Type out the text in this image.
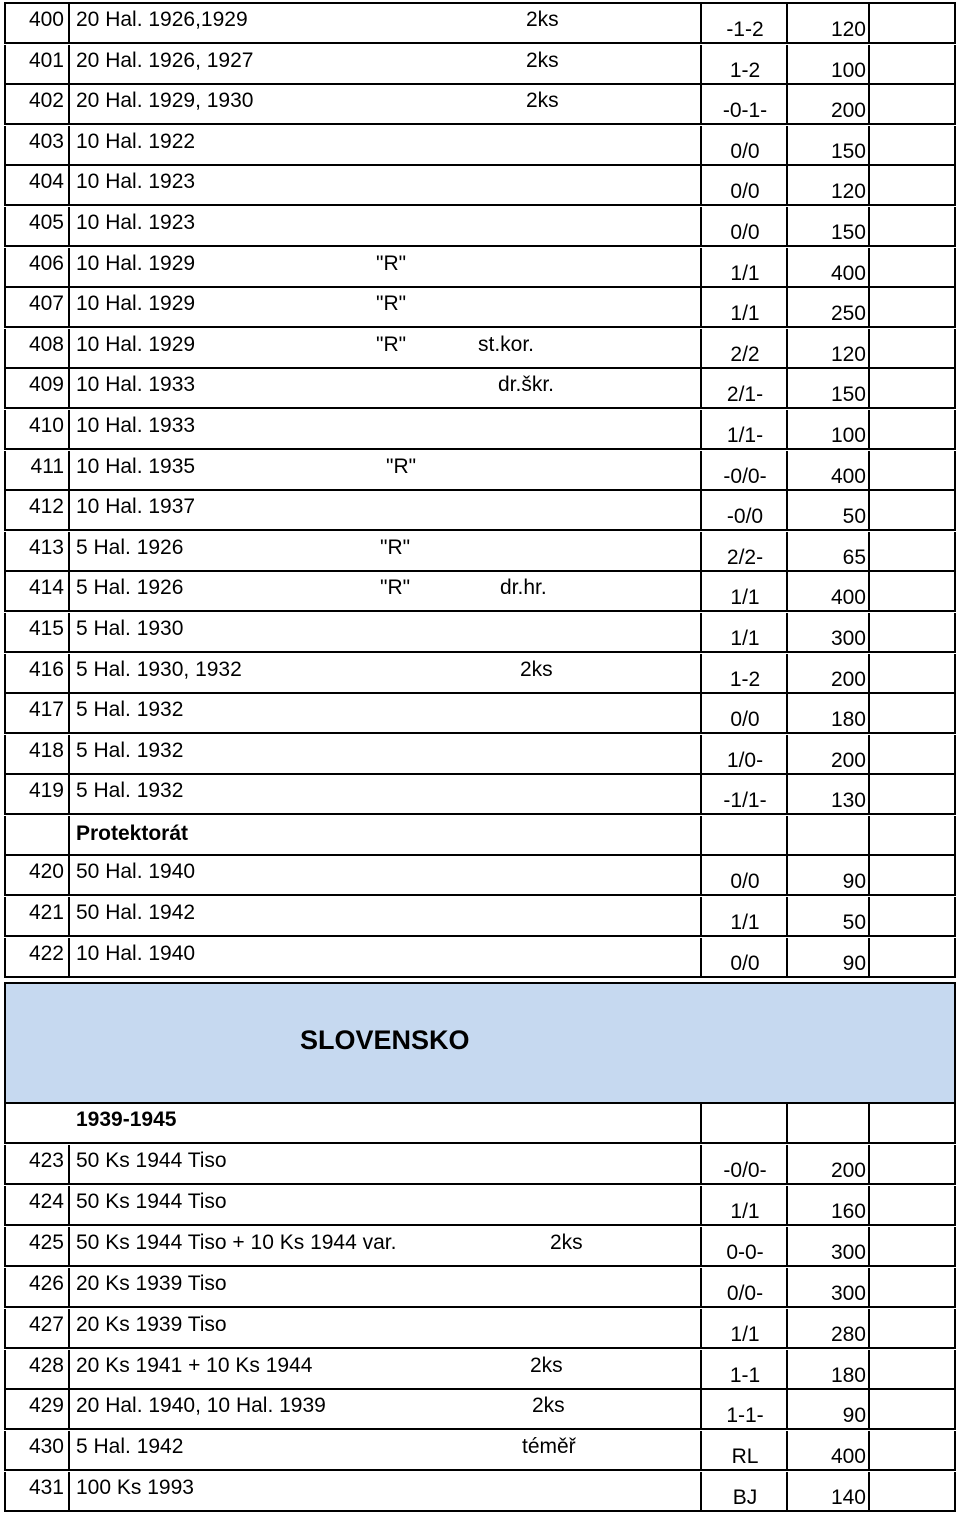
400 20 Hal. 1926,1929	2ks	-1-2	120
401 20 Hal. 1926, 1927	2ks	1-2	100
402 20 Hal. 1929, 1930	2ks	-0-1-	200
403 10 Hal. 1922	0/0	150
404 10 Hal. 1923	0/0	120
405 10 Hal. 1923	0/0	150
406 10 Hal. 1929	"R"	1/1	400
407 10 Hal. 1929	"R"	1/1	250
408 10 Hal. 1929	"R"	st.kor.	2/2	120
409 10 Hal. 1933	dr.škr.	2/1-	150
410 10 Hal. 1933	1/1-	100
411 10 Hal. 1935	"R"	-0/0-	400
412 10 Hal. 1937	-0/0	50
413 5 Hal. 1926	"R"	2/2-	65
414 5 Hal. 1926	"R"	dr.hr.	1/1	400
415 5 Hal. 1930	1/1	300
416 5 Hal. 1930, 1932	2ks	1-2	200
417 5 Hal. 1932	0/0	180
418 5 Hal. 1932	1/0-	200
419 5 Hal. 1932	-1/1-	130
Protektorát
420 50 Hal. 1940	0/0	90
421 50 Hal. 1942	1/1	50
422 10 Hal. 1940	0/0	90
SLOVENSKO
1939-1945
423 50 Ks 1944 Tiso	-0/0-	200
424 50 Ks 1944 Tiso	1/1	160
425 50 Ks 1944 Tiso + 10 Ks 1944 var.	2ks	0-0-	300
426 20 Ks 1939 Tiso	0/0-	300
427 20 Ks 1939 Tiso	1/1	280
428 20 Ks 1941 + 10 Ks 1944	2ks	1-1	180
429 20 Hal. 1940, 10 Hal. 1939	2ks	1-1-	90
430 5 Hal. 1942	téměř	RL	400
431 100 Ks 1993	BJ	140
